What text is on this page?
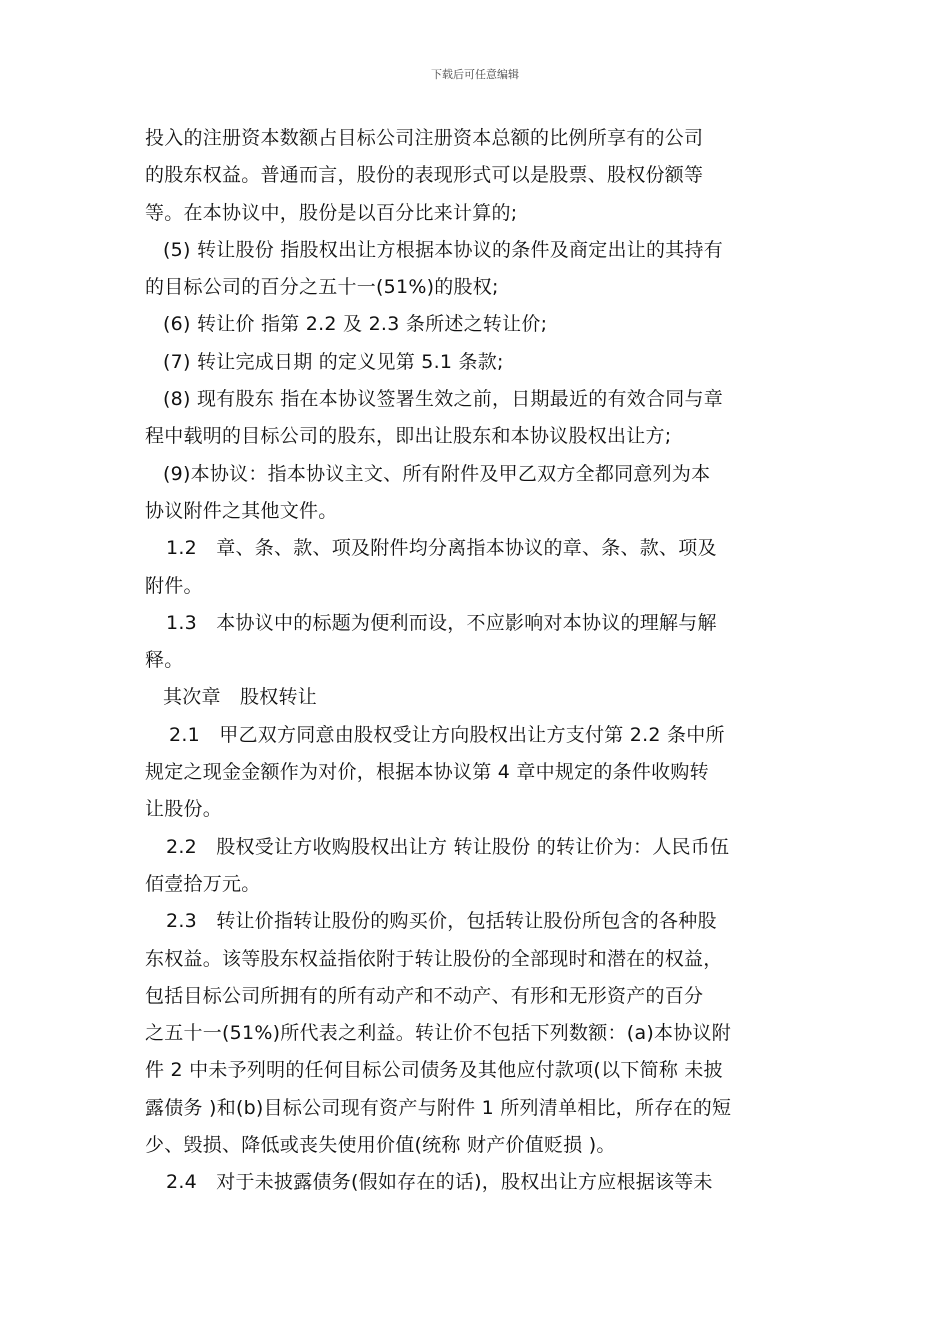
下载后可任意编辑
投入的注册资本数额占目标公司注册资本总额的比例所享有的公司
的股东权益。普通而言，股份的表现形式可以是股票、股权份额等
等。在本协议中，股份是以百分比来计算的;
(5) 转让股份 指股权出让方根据本协议的条件及商定出让的其持有
的目标公司的百分之五十一(51%)的股权;
(6) 转让价 指第 2.2 及 2.3 条所述之转让价;
(7) 转让完成日期 的定义见第 5.1 条款;
(8) 现有股东 指在本协议签署生效之前，日期最近的有效合同与章
程中载明的目标公司的股东，即出让股东和本协议股权出让方;
(9)本协议：指本协议主文、所有附件及甲乙双方全都同意列为本
协议附件之其他文件。
1.2　章、条、款、项及附件均分离指本协议的章、条、款、项及
附件。
1.3　本协议中的标题为便利而设，不应影响对本协议的理解与解
释。
其次章　股权转让
2.1　甲乙双方同意由股权受让方向股权出让方支付第 2.2 条中所
规定之现金金额作为对价，根据本协议第 4 章中规定的条件收购转
让股份。
2.2　股权受让方收购股权出让方 转让股份 的转让价为：人民币伍
佰壹拾万元。
2.3　转让价指转让股份的购买价，包括转让股份所包含的各种股
东权益。该等股东权益指依附于转让股份的全部现时和潜在的权益，
包括目标公司所拥有的所有动产和不动产、有形和无形资产的百分
之五十一(51%)所代表之利益。转让价不包括下列数额：(a)本协议附
件 2 中未予列明的任何目标公司债务及其他应付款项(以下简称 未披
露债务 )和(b)目标公司现有资产与附件 1 所列清单相比，所存在的短
少、毁损、降低或丧失使用价值(统称 财产价值贬损 )。
2.4　对于未披露债务(假如存在的话)，股权出让方应根据该等未
